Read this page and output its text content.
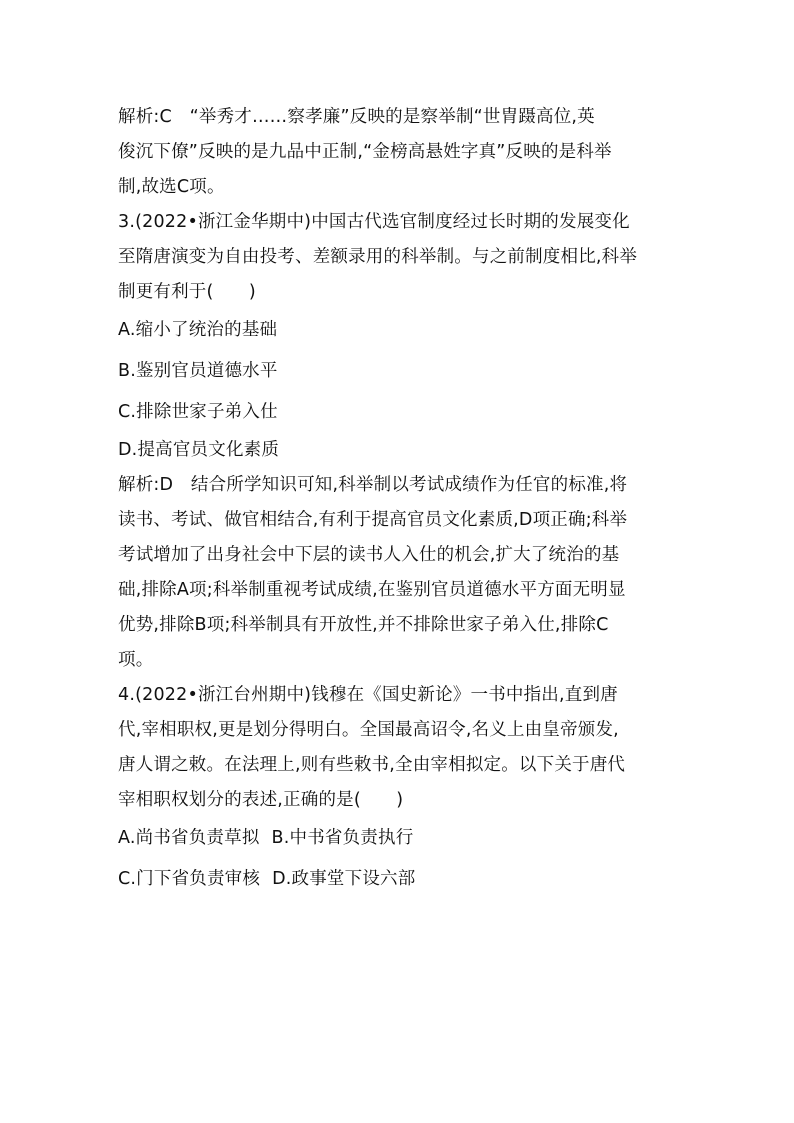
解析:C　“举秀才……察孝廉”反映的是察举制“世胄蹑高位,英
俊沉下僚”反映的是九品中正制,“金榜高悬姓字真”反映的是科举
制,故选C项。
3.(2022•浙江金华期中)中国古代选官制度经过长时期的发展变化
至隋唐演变为自由投考、差额录用的科举制。与之前制度相比,科举
制更有利于(　　)
A.缩小了统治的基础
B.鉴别官员道德水平
C.排除世家子弟入仕
D.提高官员文化素质
解析:D　结合所学知识可知,科举制以考试成绩作为任官的标准,将
读书、考试、做官相结合,有利于提高官员文化素质,D项正确;科举
考试增加了出身社会中下层的读书人入仕的机会,扩大了统治的基
础,排除A项;科举制重视考试成绩,在鉴别官员道德水平方面无明显
优势,排除B项;科举制具有开放性,并不排除世家子弟入仕,排除C
项。
4.(2022•浙江台州期中)钱穆在《国史新论》一书中指出,直到唐
代,宰相职权,更是划分得明白。全国最高诏令,名义上由皇帝颁发,
唐人谓之敕。在法理上,则有些敕书,全由宰相拟定。以下关于唐代
宰相职权划分的表述,正确的是(　　)
A.尚书省负责草拟 B.中书省负责执行
C.门下省负责审核 D.政事堂下设六部
